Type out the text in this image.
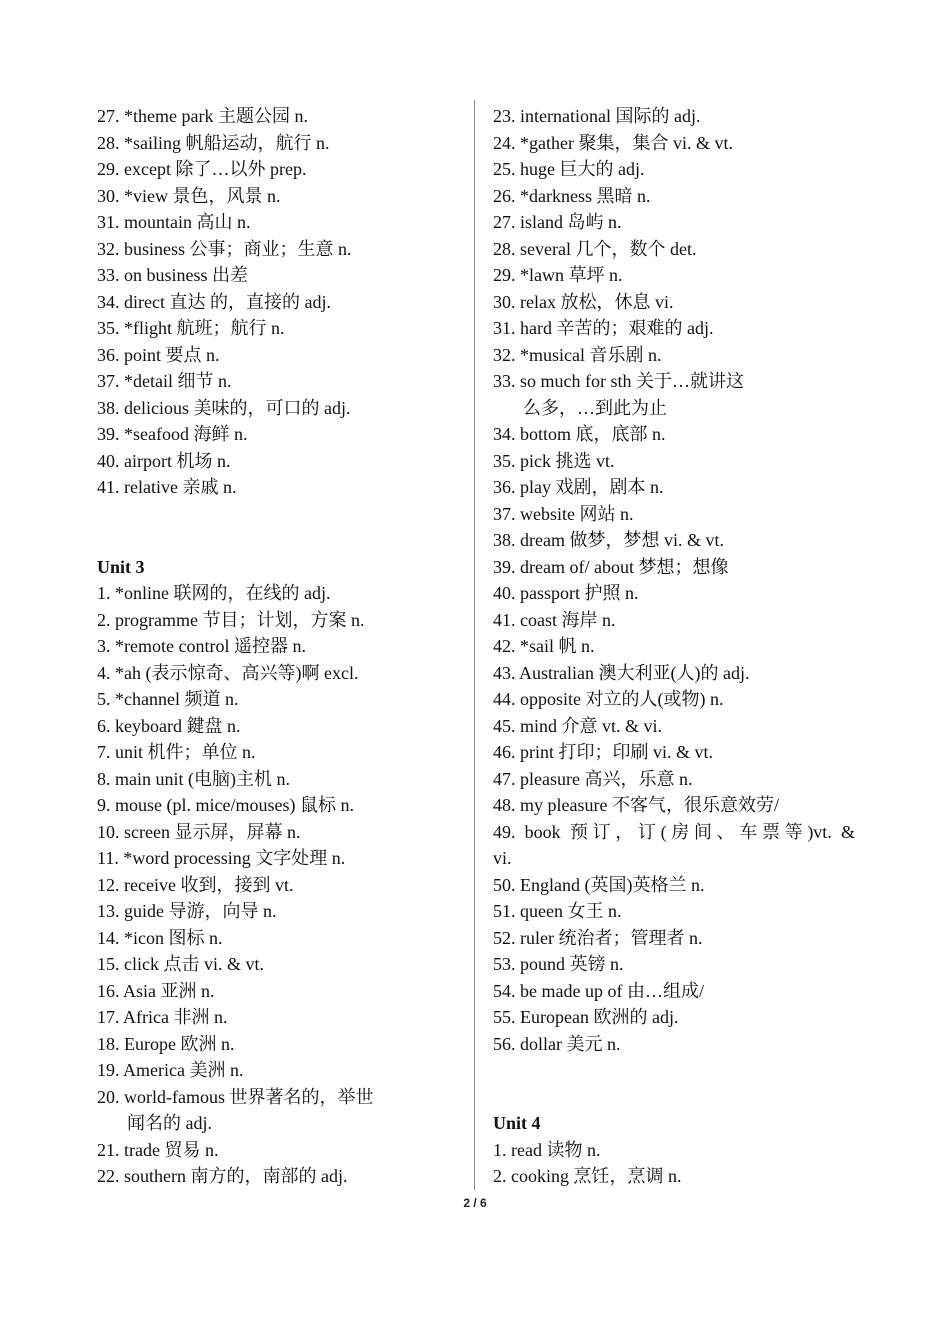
27. *theme park 主题公园 n.

28. *sailing 帆船运动，航行 n.

29. except 除了…以外 prep.

30. *view 景色，风景 n.

31. mountain 高山 n.

32. business 公事；商业；生意 n.

33. on business 出差

34. direct 直达 的，直接的 adj.

35. *flight 航班；航行 n.

36. point 要点 n.

37. *detail 细节 n.

38. delicious 美味的，可口的 adj.

39. *seafood 海鲜 n.

40. airport 机场 n.

41. relative 亲戚 n.

Unit 3

1. *online 联网的，在线的 adj.

2. programme 节目；计划，方案 n.

3. *remote control 遥控器 n.

4. *ah (表示惊奇、高兴等)啊 excl.

5. *channel 频道 n.

6. keyboard 鍵盘 n.

7. unit 机件；单位 n.

8. main unit (电脑)主机 n.

9. mouse (pl. mice/mouses) 鼠标 n.

10. screen 显示屏，屏幕 n.

11. *word processing 文字处理 n.

12. receive 收到，接到 vt.

13. guide 导游，向导 n.

14. *icon 图标 n.

15. click 点击 vi. & vt.

16. Asia 亚洲 n.

17. Africa 非洲 n.

18. Europe 欧洲 n.

19. America 美洲 n.

20. world-famous 世界著名的，举世

闻名的 adj.

21. trade 贸易 n.

22. southern 南方的，南部的 adj.

23. international 国际的 adj.

24. *gather 聚集，集合 vi. & vt.

25. huge 巨大的 adj.

26. *darkness 黑暗 n.

27. island 岛屿 n.

28. several 几个，数个 det.

29. *lawn 草坪 n.

30. relax 放松，休息 vi.

31. hard 辛苦的；艰难的 adj.

32. *musical 音乐剧 n.

33. so much for sth 关于…就讲这

么多，…到此为止

34. bottom 底，底部 n.

35. pick 挑选 vt.

36. play 戏剧，剧本 n.

37. website 网站 n.

38. dream 做梦，梦想 vi. & vt.

39. dream of/ about 梦想；想像

40. passport 护照 n.

41. coast 海岸 n.

42. *sail 帆 n.

43. Australian 澳大利亚(人)的 adj.

44. opposite 对立的人(或物) n.

45. mind 介意 vt. & vi.

46. print 打印；印刷 vi. & vt.

47. pleasure 高兴，乐意 n.

48. my pleasure 不客气，很乐意效劳/

49. book 预订，订(房间、车票等)vt. &

vi.

50. England (英国)英格兰 n.

51. queen 女王 n.

52. ruler 统治者；管理者 n.

53. pound 英镑 n.

54. be made up of 由…组成/

55. European 欧洲的 adj.

56. dollar 美元 n.

Unit 4

1. read 读物 n.

2. cooking 烹饪，烹调 n.

2 / 6
